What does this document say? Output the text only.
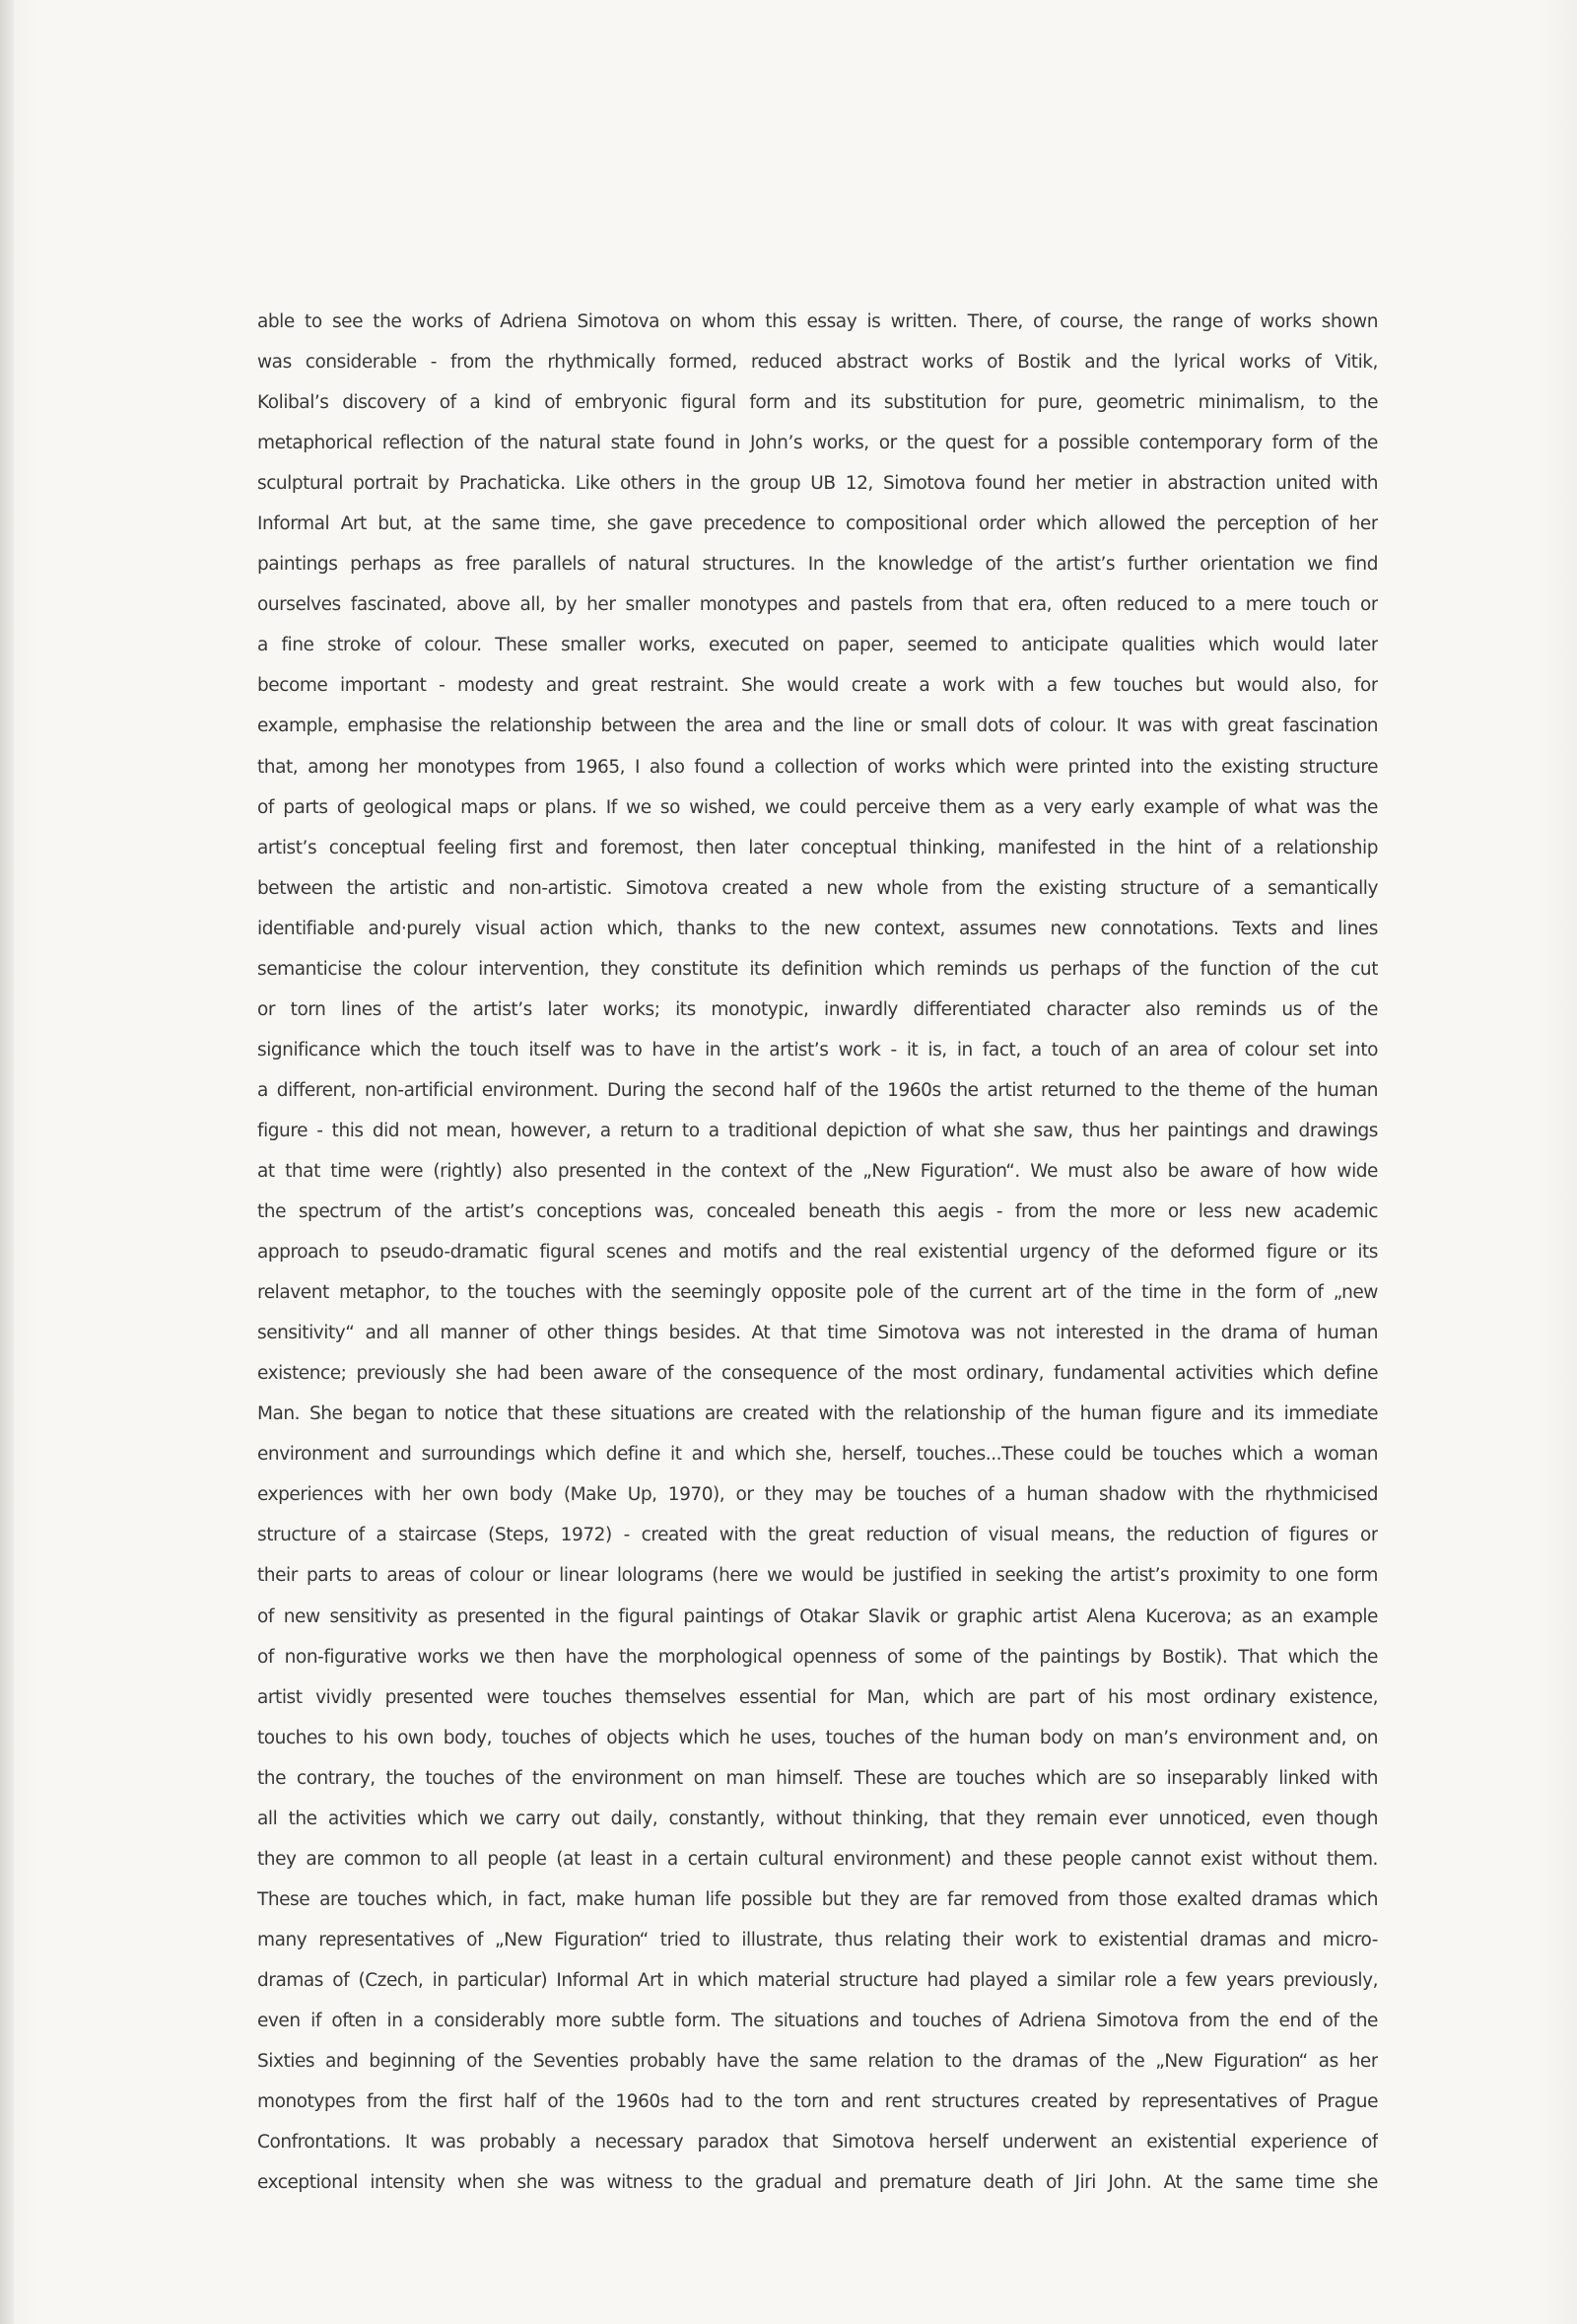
able to see the works of Adriena Simotova on whom this essay is written. There, of course, the range of works shown
was considerable - from the rhythmically formed, reduced abstract works of Bostik and the lyrical works of Vitik,
Kolibal’s discovery of a kind of embryonic figural form and its substitution for pure, geometric minimalism, to the
metaphorical reflection of the natural state found in John’s works, or the quest for a possible contemporary form of the
sculptural portrait by Prachaticka. Like others in the group UB 12, Simotova found her metier in abstraction united with
Informal Art but, at the same time, she gave precedence to compositional order which allowed the perception of her
paintings perhaps as free parallels of natural structures. In the knowledge of the artist’s further orientation we find
ourselves fascinated, above all, by her smaller monotypes and pastels from that era, often reduced to a mere touch or
a fine stroke of colour. These smaller works, executed on paper, seemed to anticipate qualities which would later
become important - modesty and great restraint. She would create a work with a few touches but would also, for
example, emphasise the relationship between the area and the line or small dots of colour. It was with great fascination
that, among her monotypes from 1965, I also found a collection of works which were printed into the existing structure
of parts of geological maps or plans. If we so wished, we could perceive them as a very early example of what was the
artist’s conceptual feeling first and foremost, then later conceptual thinking, manifested in the hint of a relationship
between the artistic and non-artistic. Simotova created a new whole from the existing structure of a semantically
identifiable and·purely visual action which, thanks to the new context, assumes new connotations. Texts and lines
semanticise the colour intervention, they constitute its definition which reminds us perhaps of the function of the cut
or torn lines of the artist’s later works; its monotypic, inwardly differentiated character also reminds us of the
significance which the touch itself was to have in the artist’s work - it is, in fact, a touch of an area of colour set into
a different, non-artificial environment. During the second half of the 1960s the artist returned to the theme of the human
figure - this did not mean, however, a return to a traditional depiction of what she saw, thus her paintings and drawings
at that time were (rightly) also presented in the context of the „New Figuration“. We must also be aware of how wide
the spectrum of the artist’s conceptions was, concealed beneath this aegis - from the more or less new academic
approach to pseudo-dramatic figural scenes and motifs and the real existential urgency of the deformed figure or its
relavent metaphor, to the touches with the seemingly opposite pole of the current art of the time in the form of „new
sensitivity“ and all manner of other things besides. At that time Simotova was not interested in the drama of human
existence; previously she had been aware of the consequence of the most ordinary, fundamental activities which define
Man. She began to notice that these situations are created with the relationship of the human figure and its immediate
environment and surroundings which define it and which she, herself, touches...These could be touches which a woman
experiences with her own body (Make Up, 1970), or they may be touches of a human shadow with the rhythmicised
structure of a staircase (Steps, 1972) - created with the great reduction of visual means, the reduction of figures or
their parts to areas of colour or linear lolograms (here we would be justified in seeking the artist’s proximity to one form
of new sensitivity as presented in the figural paintings of Otakar Slavik or graphic artist Alena Kucerova; as an example
of non-figurative works we then have the morphological openness of some of the paintings by Bostik). That which the
artist vividly presented were touches themselves essential for Man, which are part of his most ordinary existence,
touches to his own body, touches of objects which he uses, touches of the human body on man’s environment and, on
the contrary, the touches of the environment on man himself. These are touches which are so inseparably linked with
all the activities which we carry out daily, constantly, without thinking, that they remain ever unnoticed, even though
they are common to all people (at least in a certain cultural environment) and these people cannot exist without them.
These are touches which, in fact, make human life possible but they are far removed from those exalted dramas which
many representatives of „New Figuration“ tried to illustrate, thus relating their work to existential dramas and micro-
dramas of (Czech, in particular) Informal Art in which material structure had played a similar role a few years previously,
even if often in a considerably more subtle form. The situations and touches of Adriena Simotova from the end of the
Sixties and beginning of the Seventies probably have the same relation to the dramas of the „New Figuration“ as her
monotypes from the first half of the 1960s had to the torn and rent structures created by representatives of Prague
Confrontations. It was probably a necessary paradox that Simotova herself underwent an existential experience of
exceptional intensity when she was witness to the gradual and premature death of Jiri John. At the same time she
